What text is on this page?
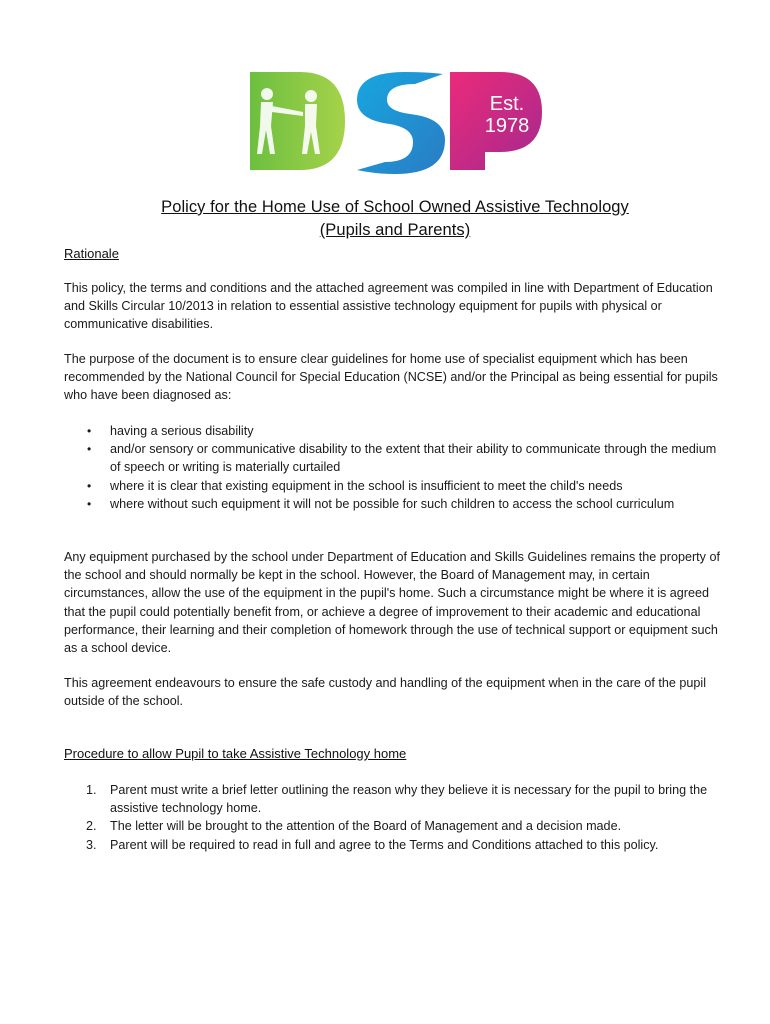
Est.
1978
Policy for the Home Use of School Owned Assistive Technology
(Pupils and Parents)
Rationale
This policy, the terms and conditions and the attached agreement was compiled in line with Department of Education and Skills Circular 10/2013 in relation to essential assistive technology equipment for pupils with physical or communicative disabilities.
The purpose of the document is to ensure clear guidelines for home use of specialist equipment which has been recommended by the National Council for Special Education (NCSE) and/or the Principal as being essential for pupils who have been diagnosed as:
• having a serious disability
• and/or sensory or communicative disability to the extent that their ability to communicate through the medium of speech or writing is materially curtailed
• where it is clear that existing equipment in the school is insufficient to meet the child's needs
• where without such equipment it will not be possible for such children to access the school curriculum
Any equipment purchased by the school under Department of Education and Skills Guidelines remains the property of the school and should normally be kept in the school. However, the Board of Management may, in certain circumstances, allow the use of the equipment in the pupil's home. Such a circumstance might be where it is agreed that the pupil could potentially benefit from, or achieve a degree of improvement to their academic and educational performance, their learning and their completion of homework through the use of technical support or equipment such as a school device.
This agreement endeavours to ensure the safe custody and handling of the equipment when in the care of the pupil outside of the school.
Procedure to allow Pupil to take Assistive Technology home
1. Parent must write a brief letter outlining the reason why they believe it is necessary for the pupil to bring the assistive technology home.
2. The letter will be brought to the attention of the Board of Management and a decision made.
3. Parent will be required to read in full and agree to the Terms and Conditions attached to this policy.
